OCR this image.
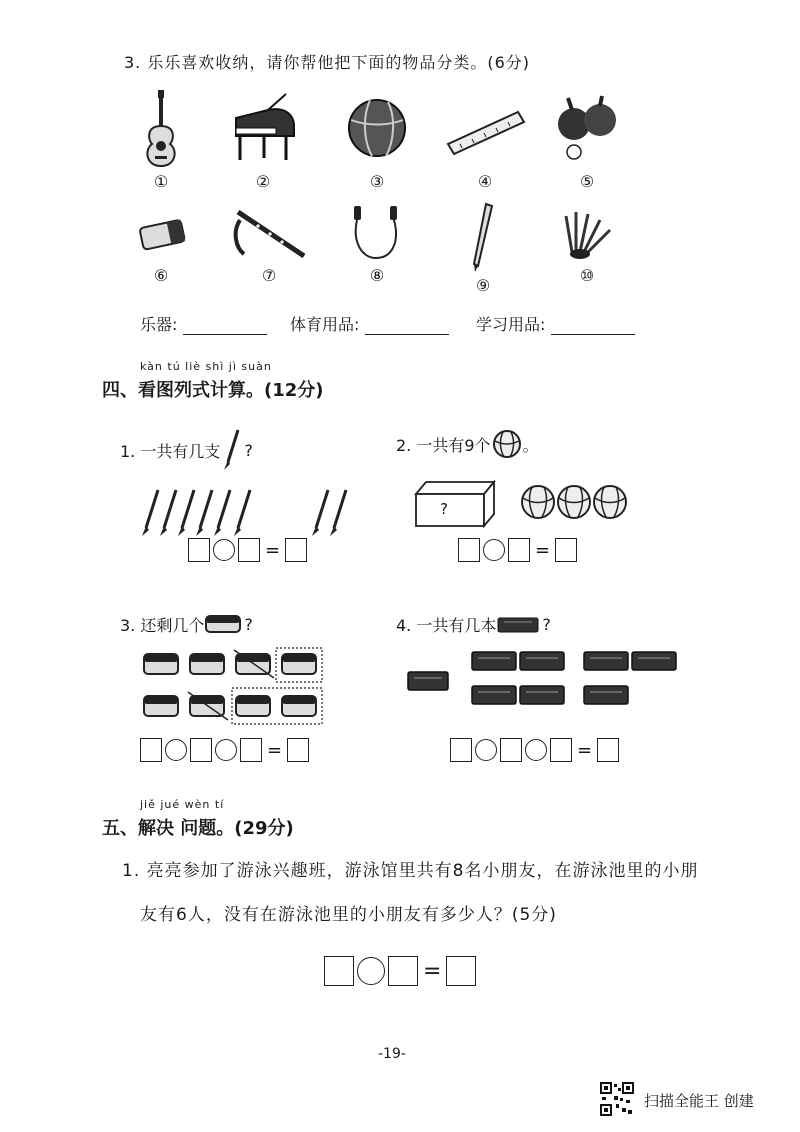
3. 乐乐喜欢收纳，请你帮他把下面的物品分类。(6分)
①	②	③	④	⑤
⑥	⑦	⑧
⑨
⑩
乐器:	体育用品:	学习用品:
kàn tú liè shì jì suàn
四、看图列式计算。(12分)
1. 一共有几支 ?
=
2. 一共有9个 。
?
=
3. 还剩几个	?
=
4. 一共有几本	?
=
jiě jué wèn tí
五、解决 问题。(29分)
1. 亮亮参加了游泳兴趣班，游泳馆里共有8名小朋友，在游泳池里的小朋
友有6人，没有在游泳池里的小朋友有多少人？(5分)
=
-19-
扫描全能王 创建
